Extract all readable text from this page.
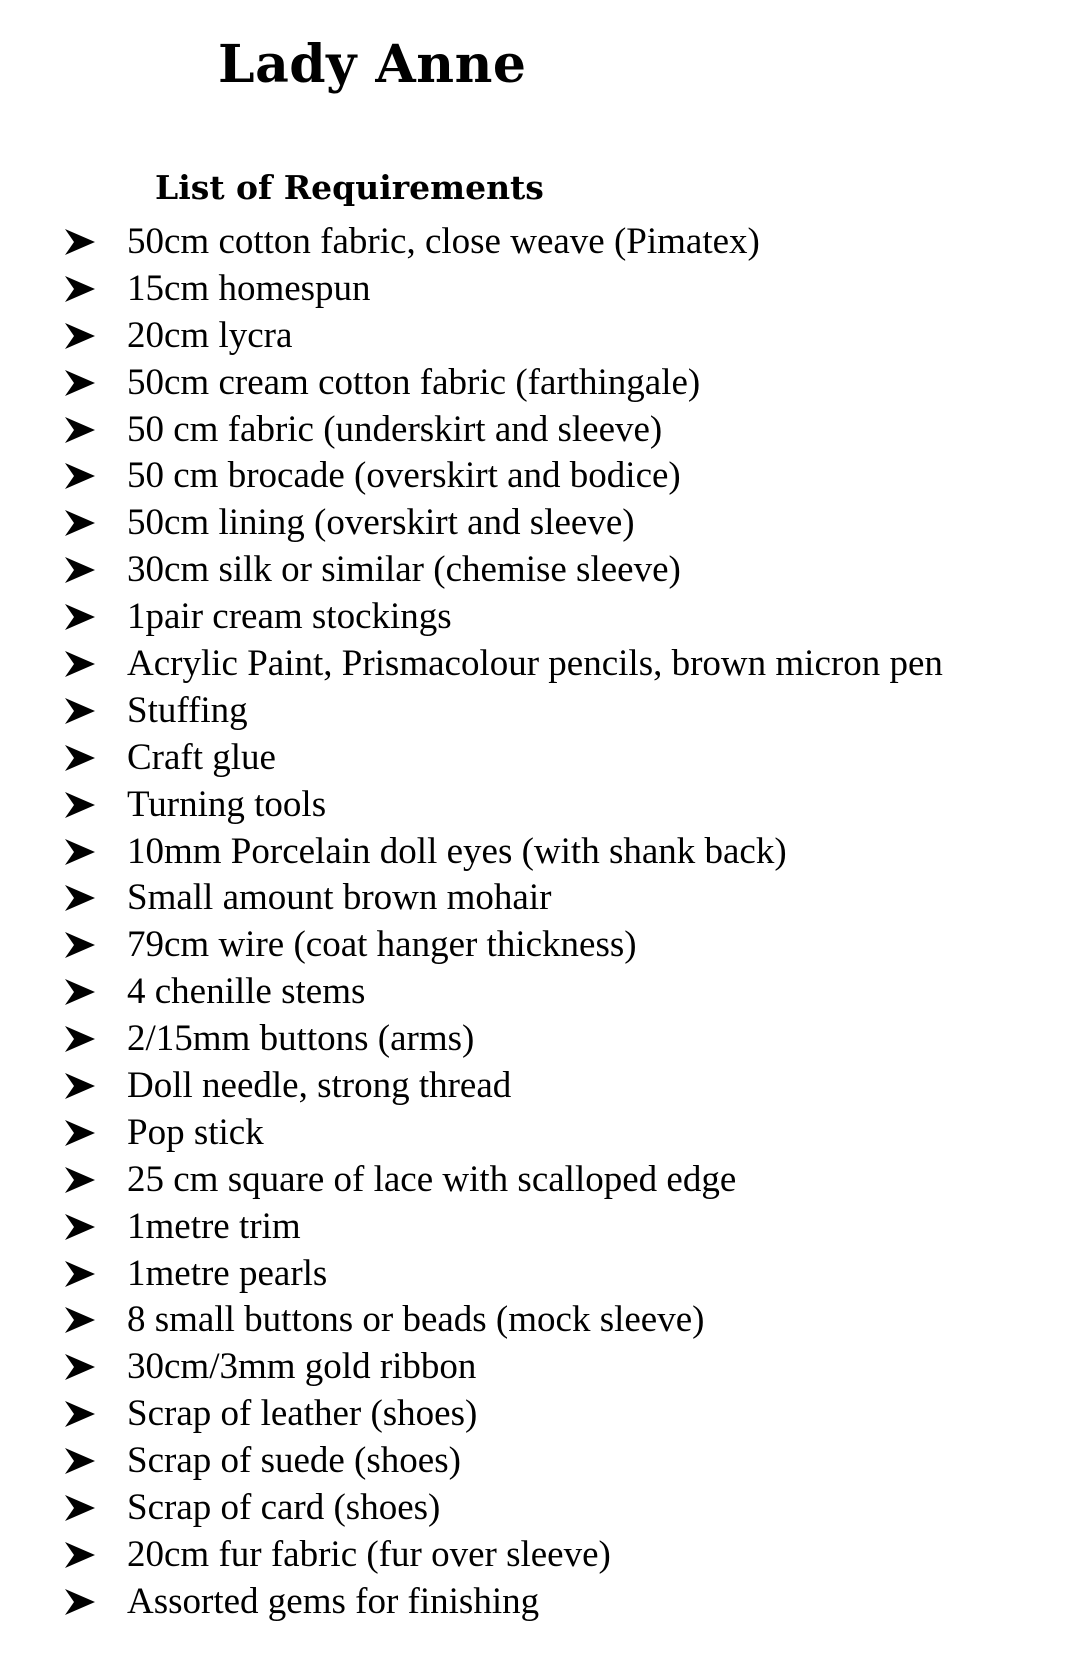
Lady Anne
List of Requirements
50cm cotton fabric, close weave (Pimatex)
15cm homespun
20cm lycra
50cm cream cotton fabric (farthingale)
50 cm fabric (underskirt and sleeve)
50 cm brocade (overskirt and bodice)
50cm lining (overskirt and sleeve)
30cm silk or similar (chemise sleeve)
1pair cream stockings
Acrylic Paint, Prismacolour pencils, brown micron pen
Stuffing
Craft glue
Turning tools
10mm Porcelain doll eyes (with shank back)
Small amount brown mohair
79cm wire (coat hanger thickness)
4 chenille stems
2/15mm buttons (arms)
Doll needle, strong thread
Pop stick
25 cm square of lace with scalloped edge
1metre trim
1metre pearls
8 small buttons or beads (mock sleeve)
30cm/3mm gold ribbon
Scrap of leather (shoes)
Scrap of suede (shoes)
Scrap of card (shoes)
20cm fur fabric (fur over sleeve)
Assorted gems for finishing
